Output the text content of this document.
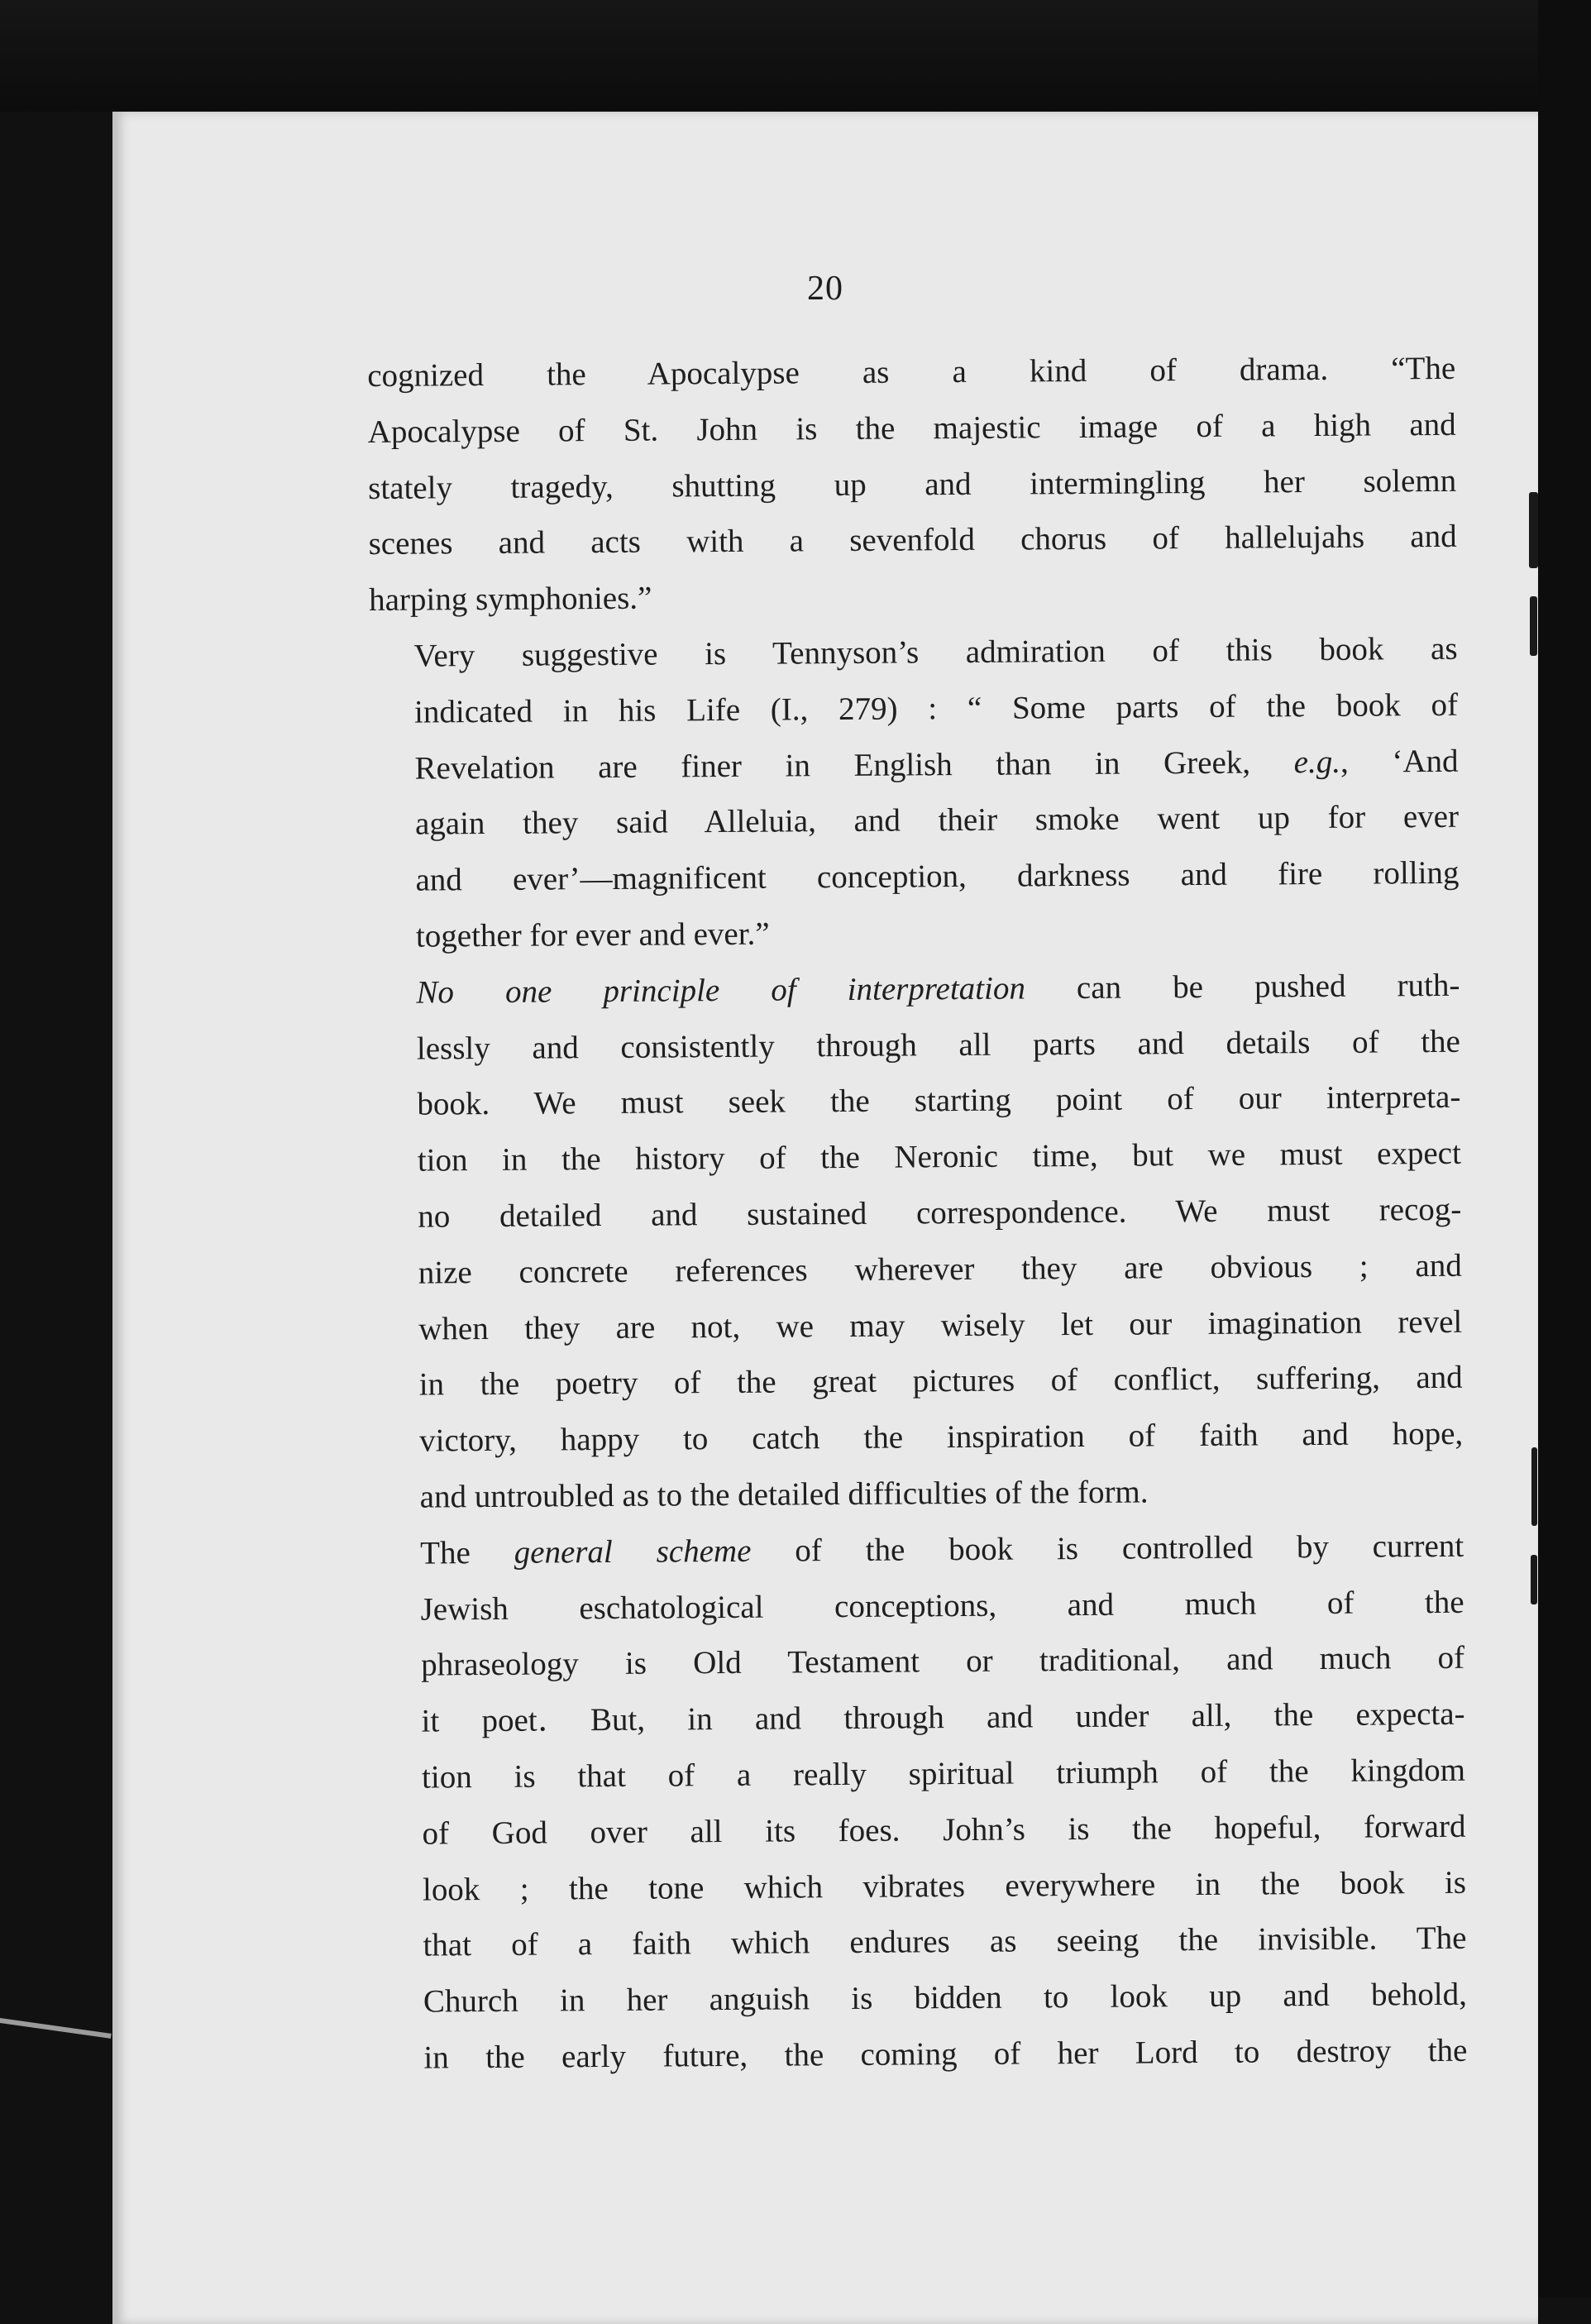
20

cognized the Apocalypse as a kind of drama. “The
Apocalypse of St. John is the majestic image of a high and
stately tragedy, shutting up and intermingling her solemn
scenes and acts with a sevenfold chorus of hallelujahs and
harping symphonies.”

Very suggestive is Tennyson’s admiration of this book as
indicated in his Life (I., 279) : “ Some parts of the book of
Revelation are finer in English than in Greek, e.g., ‘And
again they said Alleluia, and their smoke went up for ever
and ever’—magnificent conception, darkness and fire rolling
together for ever and ever.”

No one principle of interpretation can be pushed ruth-
lessly and consistently through all parts and details of the
book. We must seek the starting point of our interpreta-
tion in the history of the Neronic time, but we must expect
no detailed and sustained correspondence. We must recog-
nize concrete references wherever they are obvious ; and
when they are not, we may wisely let our imagination revel
in the poetry of the great pictures of conflict, suffering, and
victory, happy to catch the inspiration of faith and hope,
and untroubled as to the detailed difficulties of the form.

The general scheme of the book is controlled by current
Jewish eschatological conceptions, and much of the
phraseology is Old Testament or traditional, and much of
it poet․ But, in and through and under all, the expecta-
tion is that of a really spiritual triumph of the kingdom
of God over all its foes. John’s is the hopeful, forward
look ; the tone which vibrates everywhere in the book is
that of a faith which endures as seeing the invisible. The
Church in her anguish is bidden to look up and behold,
in the early future, the coming of her Lord to destroy the
